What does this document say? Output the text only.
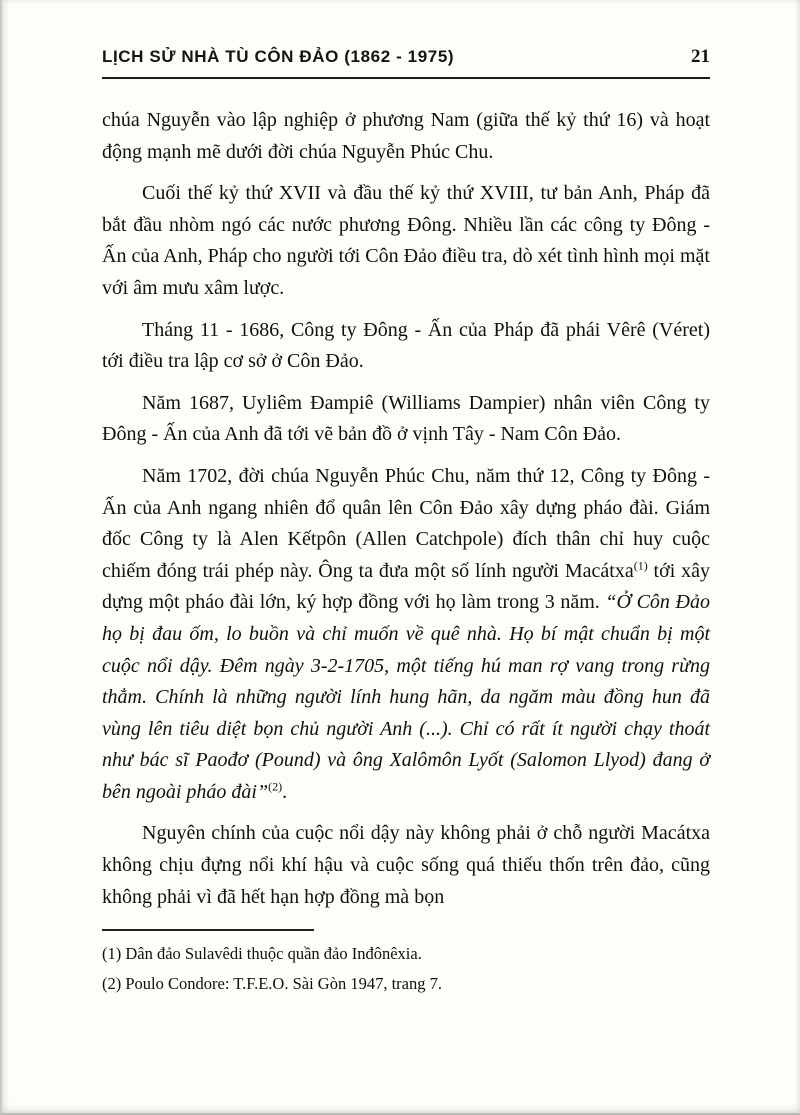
LỊCH SỬ NHÀ TÙ CÔN ĐẢO (1862 - 1975)	21

chúa Nguyễn vào lập nghiệp ở phương Nam (giữa thế kỷ thứ 16) và hoạt động mạnh mẽ dưới đời chúa Nguyễn Phúc Chu.

Cuối thế kỷ thứ XVII và đầu thế kỷ thứ XVIII, tư bản Anh, Pháp đã bắt đầu nhòm ngó các nước phương Đông. Nhiều lần các công ty Đông - Ấn của Anh, Pháp cho người tới Côn Đảo điều tra, dò xét tình hình mọi mặt với âm mưu xâm lược.

Tháng 11 - 1686, Công ty Đông - Ấn của Pháp đã phái Vêrê (Véret) tới điều tra lập cơ sở ở Côn Đảo.

Năm 1687, Uyliêm Đampiê (Williams Dampier) nhân viên Công ty Đông - Ấn của Anh đã tới vẽ bản đồ ở vịnh Tây - Nam Côn Đảo.

Năm 1702, đời chúa Nguyễn Phúc Chu, năm thứ 12, Công ty Đông - Ấn của Anh ngang nhiên đổ quân lên Côn Đảo xây dựng pháo đài. Giám đốc Công ty là Alen Kếtpôn (Allen Catchpole) đích thân chỉ huy cuộc chiếm đóng trái phép này. Ông ta đưa một số lính người Macátxa$^{(1)}$ tới xây dựng một pháo đài lớn, ký hợp đồng với họ làm trong 3 năm. “Ở Côn Đảo họ bị đau ốm, lo buồn và chỉ muốn về quê nhà. Họ bí mật chuẩn bị một cuộc nổi dậy. Đêm ngày 3-2-1705, một tiếng hú man rợ vang trong rừng thẳm. Chính là những người lính hung hãn, da ngăm màu đồng hun đã vùng lên tiêu diệt bọn chủ người Anh (...). Chỉ có rất ít người chạy thoát như bác sĩ Paođơ (Pound) và ông Xalômôn Lyốt (Salomon Llyod) đang ở bên ngoài pháo đài”$^{(2)}$.

Nguyên chính của cuộc nổi dậy này không phải ở chỗ người Macátxa không chịu đựng nổi khí hậu và cuộc sống quá thiếu thốn trên đảo, cũng không phải vì đã hết hạn hợp đồng mà bọn

(1) Dân đảo Sulavêdi thuộc quần đảo Inđônêxia.

(2) Poulo Condore: T.F.E.O. Sài Gòn 1947, trang 7.
